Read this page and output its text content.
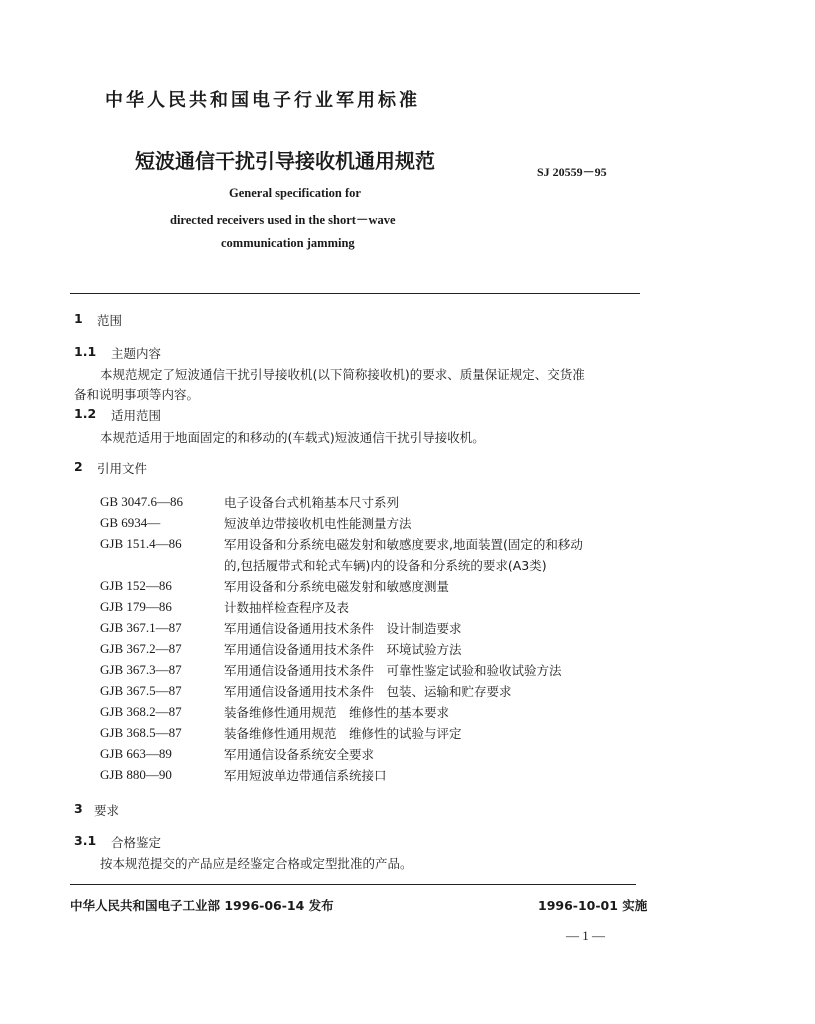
中华人民共和国电子行业军用标准
短波通信干扰引导接收机通用规范	SJ 20559－95
General specification for
directed receivers used in the short－wave
communication jamming
1 范围
1.1 主题内容
本规范规定了短波通信干扰引导接收机(以下简称接收机)的要求、质量保证规定、交货准
备和说明事项等内容。
1.2 适用范围
本规范适用于地面固定的和移动的(车载式)短波通信干扰引导接收机。
2 引用文件
GB 3047.6—86	电子设备台式机箱基本尺寸系列
GB 6934—	短波单边带接收机电性能测量方法
GJB 151.4—86	军用设备和分系统电磁发射和敏感度要求,地面装置(固定的和移动
的,包括履带式和轮式车辆)内的设备和分系统的要求(A3类)
GJB 152—86	军用设备和分系统电磁发射和敏感度测量
GJB 179—86	计数抽样检查程序及表
GJB 367.1—87	军用通信设备通用技术条件　设计制造要求
GJB 367.2—87	军用通信设备通用技术条件　环境试验方法
GJB 367.3—87	军用通信设备通用技术条件　可靠性鉴定试验和验收试验方法
GJB 367.5—87	军用通信设备通用技术条件　包装、运输和贮存要求
GJB 368.2—87	装备维修性通用规范　维修性的基本要求
GJB 368.5—87	装备维修性通用规范　维修性的试验与评定
GJB 663—89	军用通信设备系统安全要求
GJB 880—90	军用短波单边带通信系统接口
3 要求
3.1 合格鉴定
按本规范提交的产品应是经鉴定合格或定型批准的产品。
中华人民共和国电子工业部 1996-06-14 发布	1996-10-01 实施
— 1 —
